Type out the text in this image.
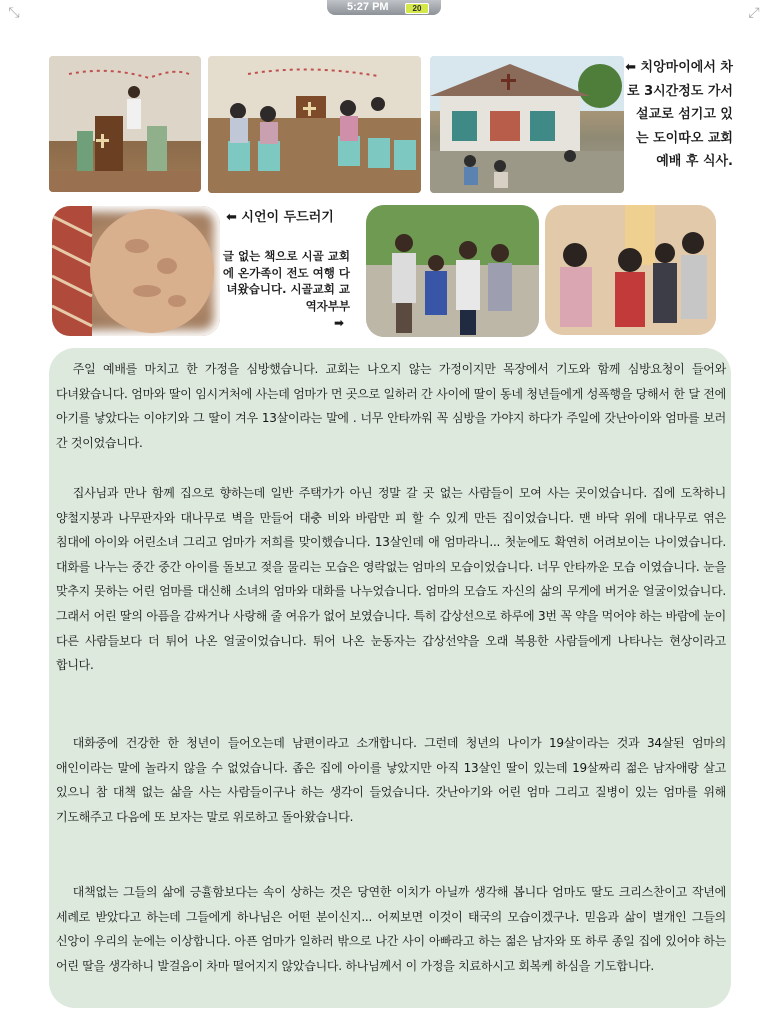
5:27 PM	20
⤡	⤢
⬅ 치앙마이에서 차로 3시간정도 가서 설교로 섬기고 있는 도이따오 교회 예배 후 식사.
⬅ 시언이 두드러기
글 없는 책으로 시골 교회에 온가족이 전도 여행 다녀왔습니다. 시골교회 교역자부부
➡

주일 예배를 마치고 한 가정을 심방했습니다. 교회는 나오지 않는 가정이지만 목장에서 기도와 함께 심방요청이 들어와 다녀왔습니다. 엄마와 딸이 임시거처에 사는데 엄마가 먼 곳으로 일하러 간 사이에 딸이 동네 청년들에게 성폭행을 당해서 한 달 전에 아기를 낳았다는 이야기와 그 딸이 겨우 13살이라는 말에 . 너무 안타까워 꼭 심방을 가야지 하다가 주일에 갓난아이와 엄마를 보러 간 것이었습니다.

집사님과 만나 함께 집으로 향하는데 일반 주택가가 아닌 정말 갈 곳 없는 사람들이 모여 사는 곳이었습니다. 집에 도착하니 양철지붕과 나무판자와 대나무로 벽을 만들어 대충 비와 바람만 피 할 수 있게 만든 집이었습니다. 맨 바닥 위에 대나무로 엮은 침대에 아이와 어린소녀 그리고 엄마가 저희를 맞이했습니다. 13살인데 애 엄마라니... 첫눈에도 확연히 어려보이는 나이였습니다. 대화를 나누는 중간 중간 아이를 돌보고 젖을 물리는 모습은 영락없는 엄마의 모습이었습니다. 너무 안타까운 모습 이였습니다. 눈을 맞추지 못하는 어린 엄마를 대신해 소녀의 엄마와 대화를 나누었습니다. 엄마의 모습도 자신의 삶의 무게에 버거운 얼굴이었습니다. 그래서 어린 딸의 아픔을 감싸거나 사랑해 줄 여유가 없어 보였습니다. 특히 갑상선으로 하루에 3번 꼭 약을 먹어야 하는 바람에 눈이 다른 사람들보다 더 튀어 나온 얼굴이었습니다. 튀어 나온 눈동자는 갑상선약을 오래 복용한 사람들에게 나타나는 현상이라고 합니다.

대화중에 건강한 한 청년이 들어오는데 남편이라고 소개합니다. 그런데 청년의 나이가 19살이라는 것과 34살된 엄마의 애인이라는 말에 놀라지 않을 수 없었습니다. 좁은 집에 아이를 낳았지만 아직 13살인 딸이 있는데 19살짜리 젊은 남자애랑 살고 있으니 참 대책 없는 삶을 사는 사람들이구나 하는 생각이 들었습니다. 갓난아기와 어린 엄마 그리고 질병이 있는 엄마를 위해 기도해주고 다음에 또 보자는 말로 위로하고 돌아왔습니다.

대책없는 그들의 삶에 긍휼함보다는 속이 상하는 것은 당연한 이치가 아닐까 생각해 봅니다 엄마도 딸도 크리스찬이고 작년에 세례로 받았다고 하는데 그들에게 하나님은 어떤 분이신지... 어찌보면 이것이 태국의 모습이겠구나. 믿음과 삶이 별개인 그들의 신앙이 우리의 눈에는 이상합니다. 아픈 엄마가 일하러 밖으로 나간 사이 아빠라고 하는 젊은 남자와 또 하루 종일 집에 있어야 하는 어린 딸을 생각하니 발걸음이 차마 떨어지지 않았습니다. 하나님께서 이 가정을 치료하시고 회복케 하심을 기도합니다.
